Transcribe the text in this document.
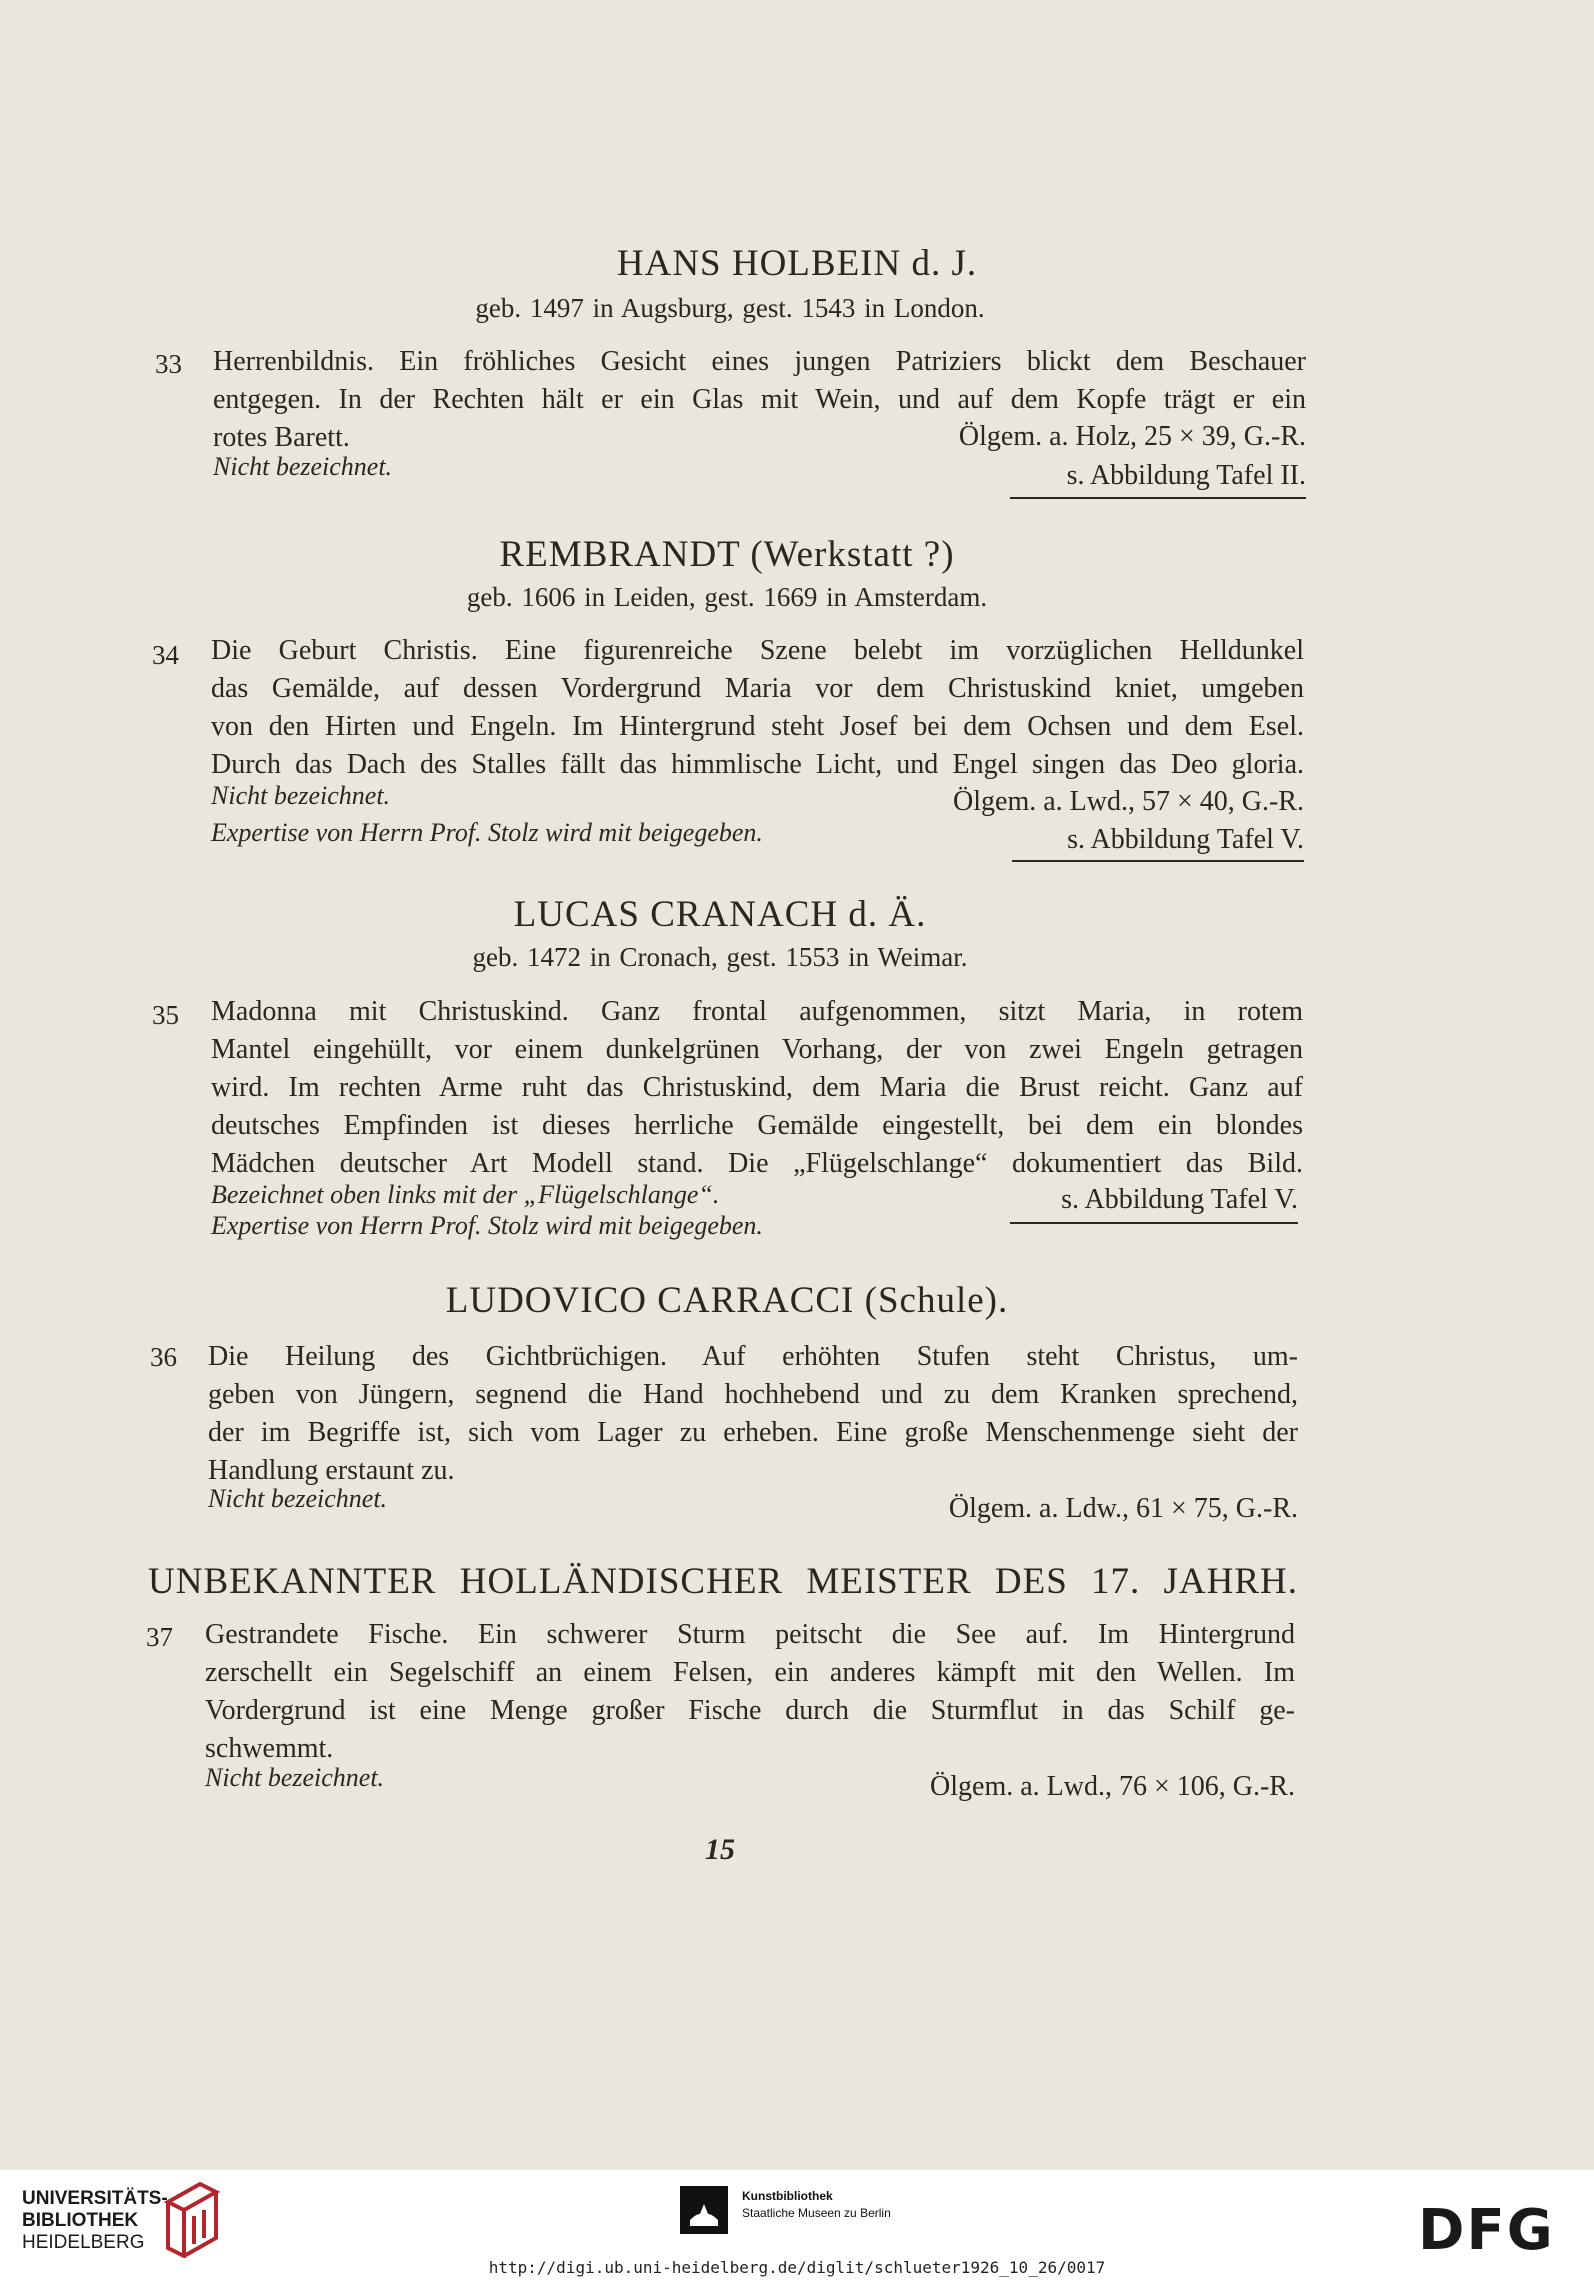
HANS HOLBEIN d. J.
geb. 1497 in Augsburg, gest. 1543 in London.
33 Herrenbildnis. Ein fröhliches Gesicht eines jungen Patriziers blickt dem Beschauer
entgegen. In der Rechten hält er ein Glas mit Wein, und auf dem Kopfe trägt er ein
rotes Barett.	Ölgem. a. Holz, 25 × 39, G.-R.
Nicht bezeichnet.	s. Abbildung Tafel II.
REMBRANDT (Werkstatt ?)
geb. 1606 in Leiden, gest. 1669 in Amsterdam.
34 Die Geburt Christis. Eine figurenreiche Szene belebt im vorzüglichen Helldunkel
das Gemälde, auf dessen Vordergrund Maria vor dem Christuskind kniet, umgeben
von den Hirten und Engeln. Im Hintergrund steht Josef bei dem Ochsen und dem Esel.
Durch das Dach des Stalles fällt das himmlische Licht, und Engel singen das Deo gloria.
Nicht bezeichnet.	Ölgem. a. Lwd., 57 × 40, G.-R.
Expertise von Herrn Prof. Stolz wird mit beigegeben.	s. Abbildung Tafel V.
LUCAS CRANACH d. Ä.
geb. 1472 in Cronach, gest. 1553 in Weimar.
35 Madonna mit Christuskind. Ganz frontal aufgenommen, sitzt Maria, in rotem
Mantel eingehüllt, vor einem dunkelgrünen Vorhang, der von zwei Engeln getragen
wird. Im rechten Arme ruht das Christuskind, dem Maria die Brust reicht. Ganz auf
deutsches Empfinden ist dieses herrliche Gemälde eingestellt, bei dem ein blondes
Mädchen deutscher Art Modell stand. Die „Flügelschlange“ dokumentiert das Bild.
Bezeichnet oben links mit der „Flügelschlange“.	s. Abbildung Tafel V.
Expertise von Herrn Prof. Stolz wird mit beigegeben.
LUDOVICO CARRACCI (Schule).
36 Die Heilung des Gichtbrüchigen. Auf erhöhten Stufen steht Christus, um-
geben von Jüngern, segnend die Hand hochhebend und zu dem Kranken sprechend,
der im Begriffe ist, sich vom Lager zu erheben. Eine große Menschenmenge sieht der
Handlung erstaunt zu.
Nicht bezeichnet.	Ölgem. a. Ldw., 61 × 75, G.-R.
UNBEKANNTER HOLLÄNDISCHER MEISTER DES 17. JAHRH.
37 Gestrandete Fische. Ein schwerer Sturm peitscht die See auf. Im Hintergrund
zerschellt ein Segelschiff an einem Felsen, ein anderes kämpft mit den Wellen. Im
Vordergrund ist eine Menge großer Fische durch die Sturmflut in das Schilf ge-
schwemmt.
Nicht bezeichnet.	Ölgem. a. Lwd., 76 × 106, G.-R.
15
UNIVERSITÄTS-
BIBLIOTHEK
HEIDELBERG
Kunstbibliothek
Staatliche Museen zu Berlin	DFG
http://digi.ub.uni-heidelberg.de/diglit/schlueter1926_10_26/0017
